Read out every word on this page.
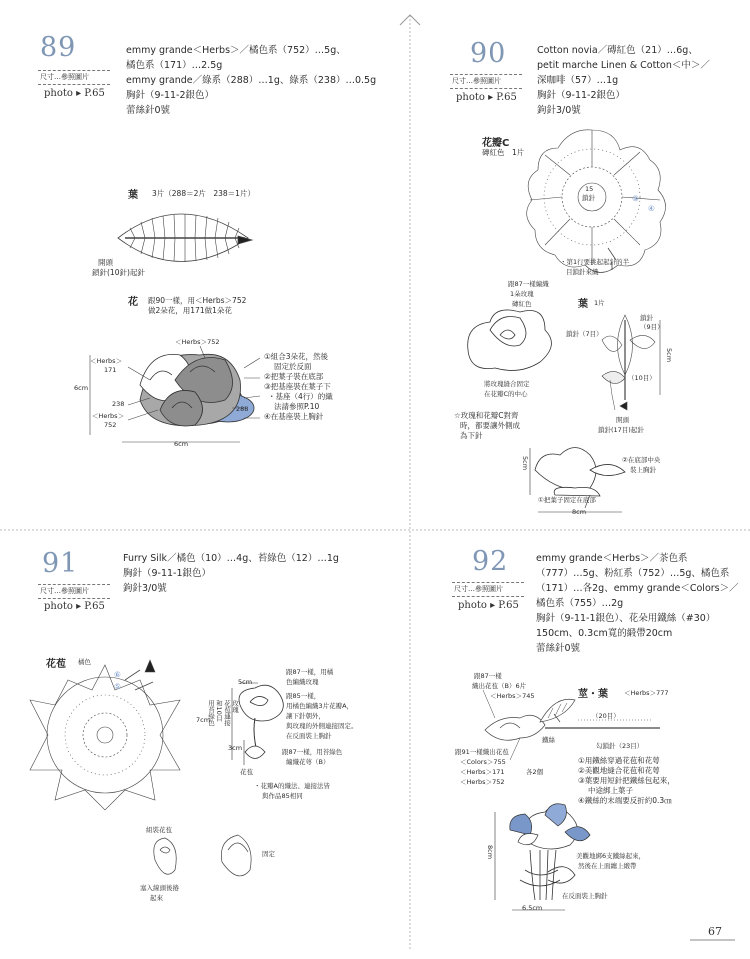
89
尺寸…參照圖片
photo ▸ P.65
emmy grande＜Herbs＞／橘色系（752）…5g、
橘色系（171）…2.5g
emmy grande／綠系（288）…1g、綠系（238）…0.5g
胸針（9-11-2銀色）
蕾絲針0號
葉 3片（288＝2片　238＝1片）
開頭
鎖針(10針)起針
花 跟90一樣，用＜Herbs＞752
做2朵花，用171做1朵花
＜Herbs＞752
＜Herbs＞
171
6cm
238
＜Herbs＞
752
288
6cm
①組合3朵花，然後
固定於反面
②把葉子裝在底部
③把基座裝在葉子下
・基座（4行）的織
法請參照P.10
④在基座裝上胸針
90
尺寸…參照圖片
photo ▸ P.65
Cotton novia／磚紅色（21）…6g、
petit marche Linen & Cotton＜中＞／
深咖啡（57）…1g
胸針（9-11-2銀色）
鉤針3/0號
花瓣C
磚紅色　1片
15
鎖針	③
④
・第1行要挑起起針的半
目鎖針來織
跟87一樣編織
1朵玫瑰
磚紅色
將玫瑰縫合固定
在花瓣C的中心
葉 1片
鎖針
（9目）
鎖針（7目）
（10目）
5cm
開頭
鎖針(17目)起針
☆玫瑰和花瓣C對齊
時，都要讓外側成
為下針
5cm	②在底部中央
裝上胸針
①把葉子固定在底部
8cm
91
尺寸…參照圖片
photo ▸ P.65
Furry Silk／橘色（10）…4g、苔綠色（12）…1g
胸針（9-11-1銀色）
鉤針3/0號
花苞 橘色
⑥
⑤
跟87一樣，用橘
色編織玫瑰
跟85一樣，
用橘色編織3片花瓣A，
讓下針朝外，
與玫瑰的外側連接固定。
在反面裝上胸針
跟87一樣，用苔綠色
編織花萼（B）
5cm
7cm
3cm
用苔綠色 和10目 花苞連接 玫瑰
花苞
・花瓣A的織法、連接法皆
與作品85相同
組裝花苞
塞入線頭後捲
起來
固定
92
尺寸…參照圖片
photo ▸ P.65
emmy grande＜Herbs＞／茶色系
（777）…5g、粉紅系（752）…5g、橘色系
（171）…各2g、emmy grande＜Colors＞／
橘色系（755）…2g
胸針（9-11-1銀色）、花朵用鐵絲（#30）
150cm、0.3cm寬的緞帶20cm
蕾絲針0號
跟87一樣
織出花苞（B）6片
＜Herbs＞745	莖・葉 ＜Herbs＞777
（20目）
鐵絲
勾鎖針（23目）
跟91一樣織出花苞
＜Colors＞755
＜Herbs＞171
＜Herbs＞752
各2個
①用鐵絲穿過花苞和花萼
②美觀地縫合花苞和花萼
③葉要用短針把鐵絲包起來，
中途綁上葉子
④鐵絲的末端要反折約0.3㎝
8cm	美觀地綁6支鐵絲起來，
然後在上面纏上緞帶
在反面裝上胸針
6.5cm
67
